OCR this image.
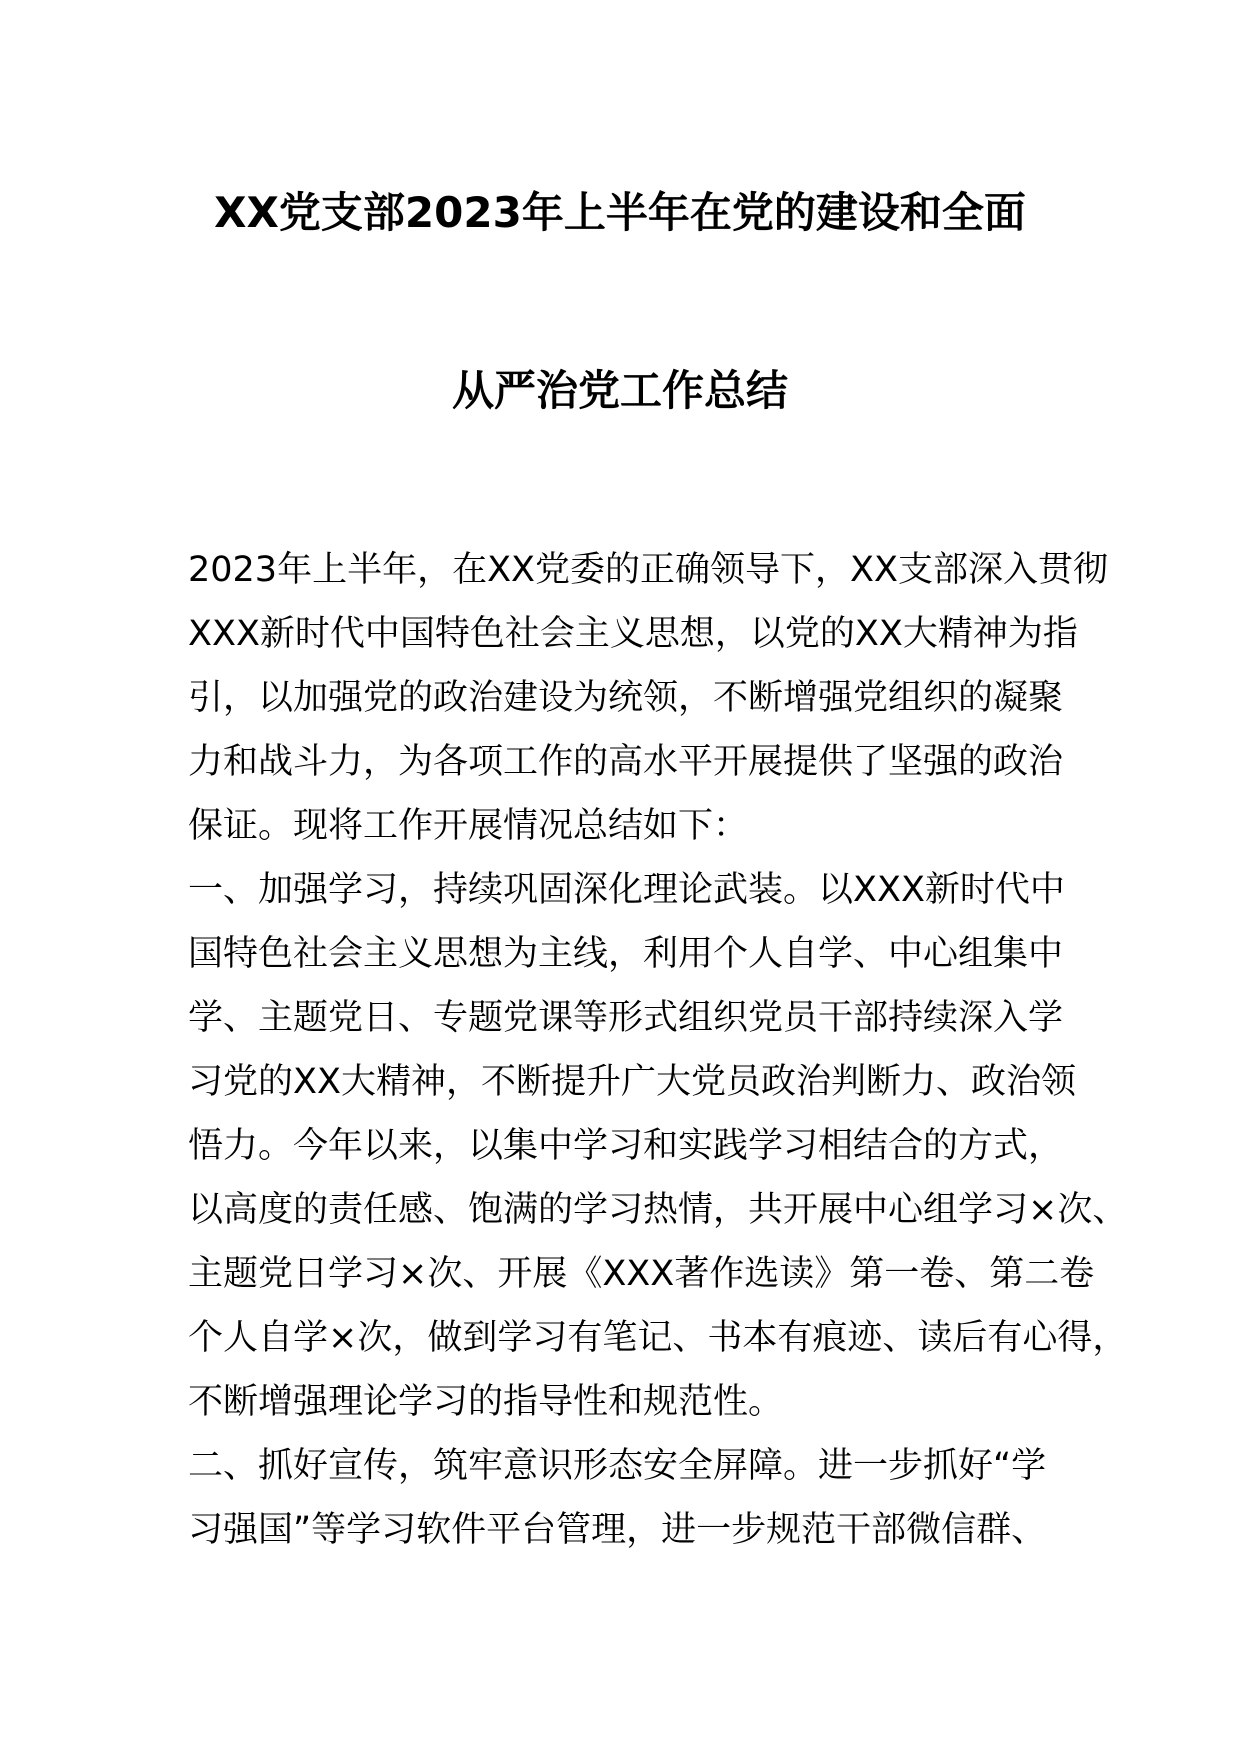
XX党支部2023年上半年在党的建设和全面
从严治党工作总结
2023年上半年，在XX党委的正确领导下，XX支部深入贯彻
XXX新时代中国特色社会主义思想，以党的XX大精神为指
引，以加强党的政治建设为统领，不断增强党组织的凝聚
力和战斗力，为各项工作的高水平开展提供了坚强的政治
保证。现将工作开展情况总结如下：
一、加强学习，持续巩固深化理论武装。以XXX新时代中
国特色社会主义思想为主线，利用个人自学、中心组集中
学、主题党日、专题党课等形式组织党员干部持续深入学
习党的XX大精神，不断提升广大党员政治判断力、政治领
悟力。今年以来，以集中学习和实践学习相结合的方式，
以高度的责任感、饱满的学习热情，共开展中心组学习×次、
主题党日学习×次、开展《XXX著作选读》第一卷、第二卷
个人自学×次，做到学习有笔记、书本有痕迹、读后有心得，
不断增强理论学习的指导性和规范性。
二、抓好宣传，筑牢意识形态安全屏障。进一步抓好“学
习强国”等学习软件平台管理，进一步规范干部微信群、
